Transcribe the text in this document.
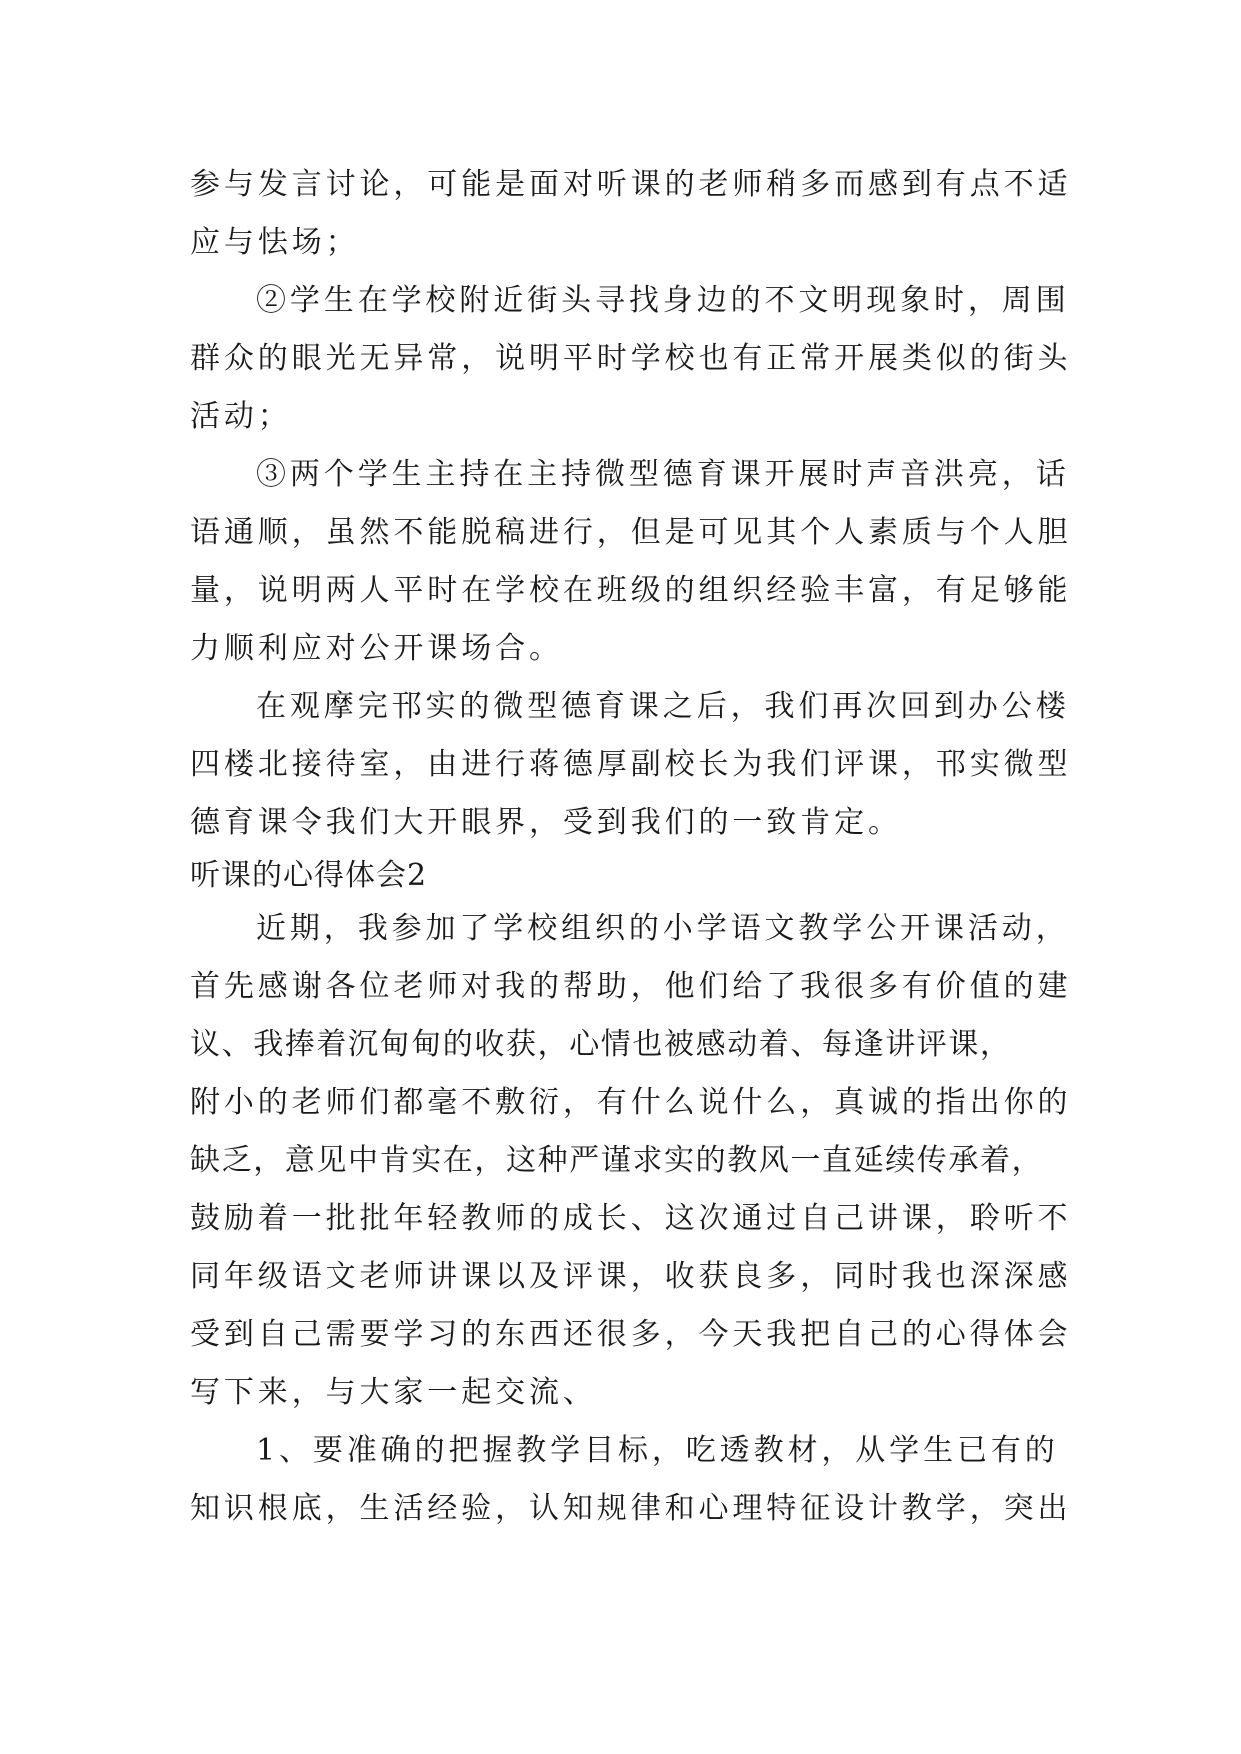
参与发言讨论，可能是面对听课的老师稍多而感到有点不适
应与怯场；
②学生在学校附近街头寻找身边的不文明现象时，周围
群众的眼光无异常，说明平时学校也有正常开展类似的街头
活动；
③两个学生主持在主持微型德育课开展时声音洪亮，话
语通顺，虽然不能脱稿进行，但是可见其个人素质与个人胆
量，说明两人平时在学校在班级的组织经验丰富，有足够能
力顺利应对公开课场合。
在观摩完邗实的微型德育课之后，我们再次回到办公楼
四楼北接待室，由进行蒋德厚副校长为我们评课，邗实微型
德育课令我们大开眼界，受到我们的一致肯定。
听课的心得体会2
近期，我参加了学校组织的小学语文教学公开课活动，
首先感谢各位老师对我的帮助，他们给了我很多有价值的建
议、我捧着沉甸甸的收获，心情也被感动着、每逢讲评课，
附小的老师们都毫不敷衍，有什么说什么，真诚的指出你的
缺乏，意见中肯实在，这种严谨求实的教风一直延续传承着，
鼓励着一批批年轻教师的成长、这次通过自己讲课，聆听不
同年级语文老师讲课以及评课，收获良多，同时我也深深感
受到自己需要学习的东西还很多，今天我把自己的心得体会
写下来，与大家一起交流、
1、要准确的把握教学目标，吃透教材，从学生已有的
知识根底，生活经验，认知规律和心理特征设计教学，突出
